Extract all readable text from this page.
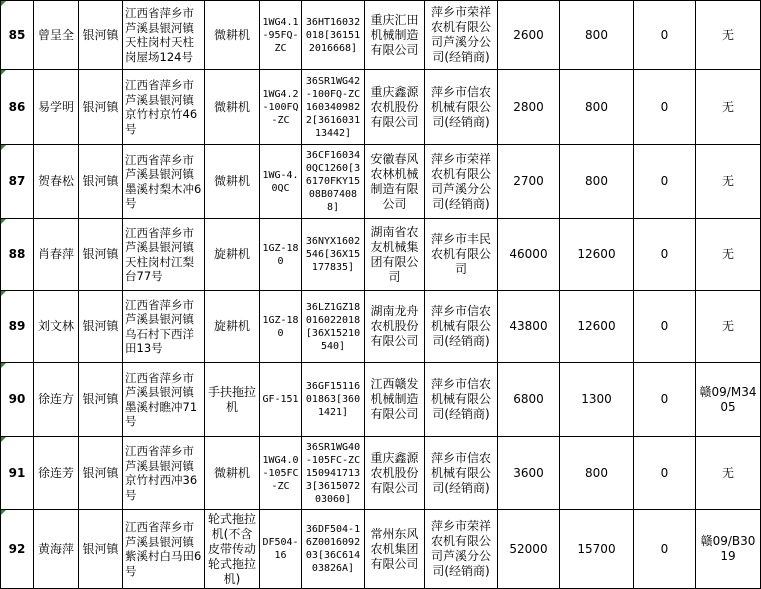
85	曾呈全	银河镇	江西省萍乡市芦溪县银河镇天柱岗村天柱岗屋场124号	微耕机	1WG4.1-95FQ-ZC	36HT16032018[36151 2016668]	重庆汇田机械制造有限公司	萍乡市荣祥农机有限公司芦溪分公司(经销商)	2600	800	0	无
86	易学明	银河镇	江西省萍乡市芦溪县银河镇京竹村京竹46号	微耕机	1WG4.2-100FQ-ZC	36SR1WG42-100FQ-ZC1603409822[361603113442]	重庆鑫源农机股份有限公司	萍乡市信农机械有限公司(经销商)	2800	800	0	无
87	贺春松	银河镇	江西省萍乡市芦溪县银河镇墨溪村梨木冲6号	微耕机	1WG-4.0QC	36CF160340QC1260[36170FKY1508B074088]	安徽春风农林机械制造有限公司	萍乡市荣祥农机有限公司芦溪分公司(经销商)	2700	800	0	无
88	肖春萍	银河镇	江西省萍乡市芦溪县银河镇天柱岗村江梨台77号	旋耕机	1GZ-180	36NYX1602546[36X15177835]	湖南省农友机械集团有限公司	萍乡市丰民农机有限公司	46000	12600	0	无
89	刘文林	银河镇	江西省萍乡市芦溪县银河镇乌石村下西洋田13号	旋耕机	1GZ-180	36LZ1GZ18016022018[36X15210540]	湖南龙舟农机股份有限公司	萍乡市信农机械有限公司(经销商)	43800	12600	0	无
90	徐连方	银河镇	江西省萍乡市芦溪县银河镇墨溪村瞧冲71号	手扶拖拉机	GF-151	36GF1511601863[3601421]	江西赣发机械制造有限公司	萍乡市信农机械有限公司(经销商)	6800	1300	0	赣09/M3405
91	徐连芳	银河镇	江西省萍乡市芦溪县银河镇京竹村西冲36号	微耕机	1WG4.0-105FC-ZC	36SR1WG40-105FC-ZC1509417133[361507203060]	重庆鑫源农机股份有限公司	萍乡市信农机械有限公司(经销商)	3600	800	0	无
92	黄海萍	银河镇	江西省萍乡市芦溪县银河镇紫溪村白马田6号	轮式拖拉机(不含皮带传动轮式拖拉机)	DF504-16	36DF504-16Z001609203[36C61403826A]	常州东风农机集团有限公司	萍乡市荣祥农机有限公司芦溪分公司(经销商)	52000	15700	0	赣09/B3019
